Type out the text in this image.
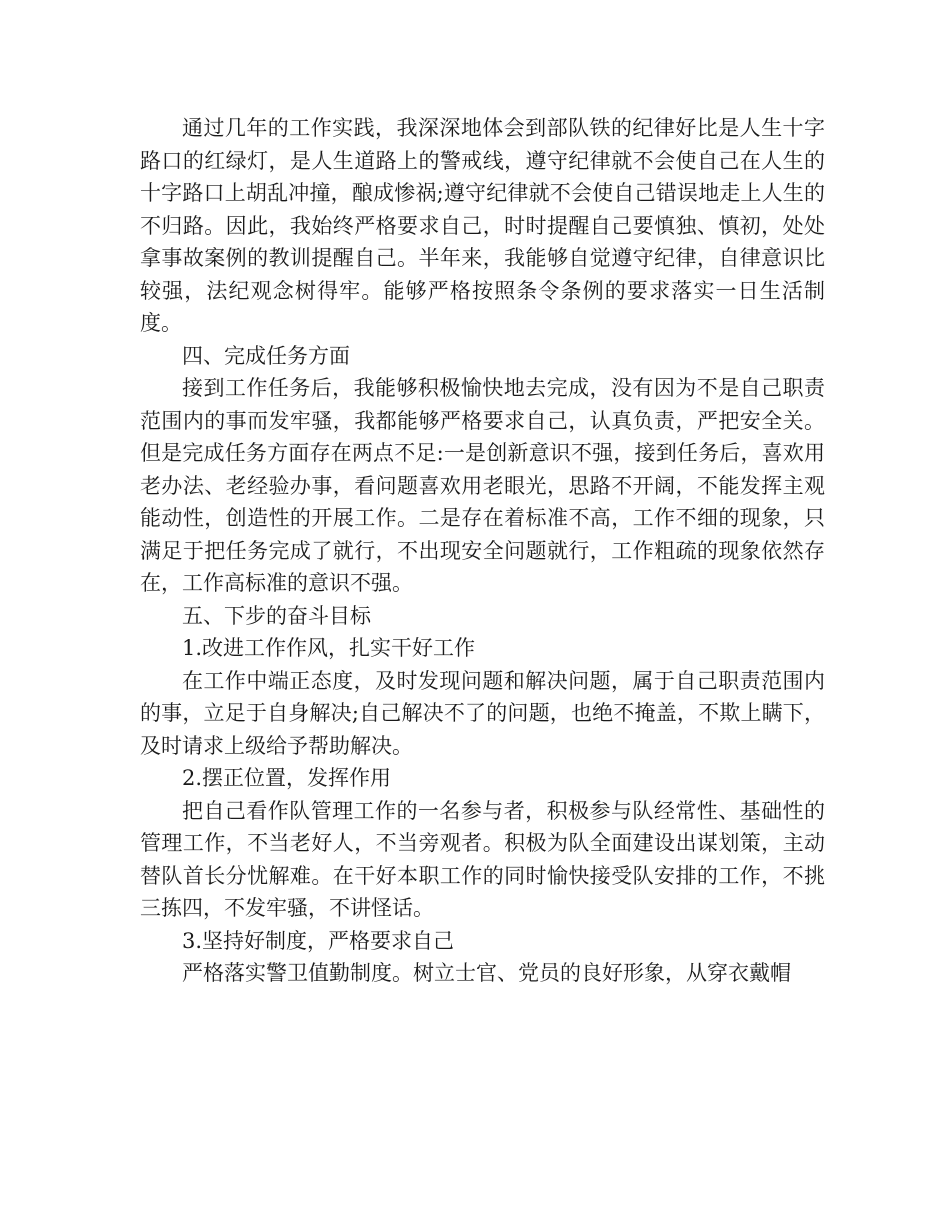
通过几年的工作实践，我深深地体会到部队铁的纪律好比是人生十字路口的红绿灯，是人生道路上的警戒线，遵守纪律就不会使自己在人生的十字路口上胡乱冲撞，酿成惨祸;遵守纪律就不会使自己错误地走上人生的不归路。因此，我始终严格要求自己，时时提醒自己要慎独、慎初，处处拿事故案例的教训提醒自己。半年来，我能够自觉遵守纪律，自律意识比较强，法纪观念树得牢。能够严格按照条令条例的要求落实一日生活制度。

四、完成任务方面

接到工作任务后，我能够积极愉快地去完成，没有因为不是自己职责范围内的事而发牢骚，我都能够严格要求自己，认真负责，严把安全关。但是完成任务方面存在两点不足:一是创新意识不强，接到任务后，喜欢用老办法、老经验办事，看问题喜欢用老眼光，思路不开阔，不能发挥主观能动性，创造性的开展工作。二是存在着标准不高，工作不细的现象，只满足于把任务完成了就行，不出现安全问题就行，工作粗疏的现象依然存在，工作高标准的意识不强。

五、下步的奋斗目标

1.改进工作作风，扎实干好工作

在工作中端正态度，及时发现问题和解决问题，属于自己职责范围内的事，立足于自身解决;自己解决不了的问题，也绝不掩盖，不欺上瞒下，及时请求上级给予帮助解决。

2.摆正位置，发挥作用

把自己看作队管理工作的一名参与者，积极参与队经常性、基础性的管理工作，不当老好人，不当旁观者。积极为队全面建设出谋划策，主动替队首长分忧解难。在干好本职工作的同时愉快接受队安排的工作，不挑三拣四，不发牢骚，不讲怪话。

3.坚持好制度，严格要求自己

严格落实警卫值勤制度。树立士官、党员的良好形象，从穿衣戴帽
